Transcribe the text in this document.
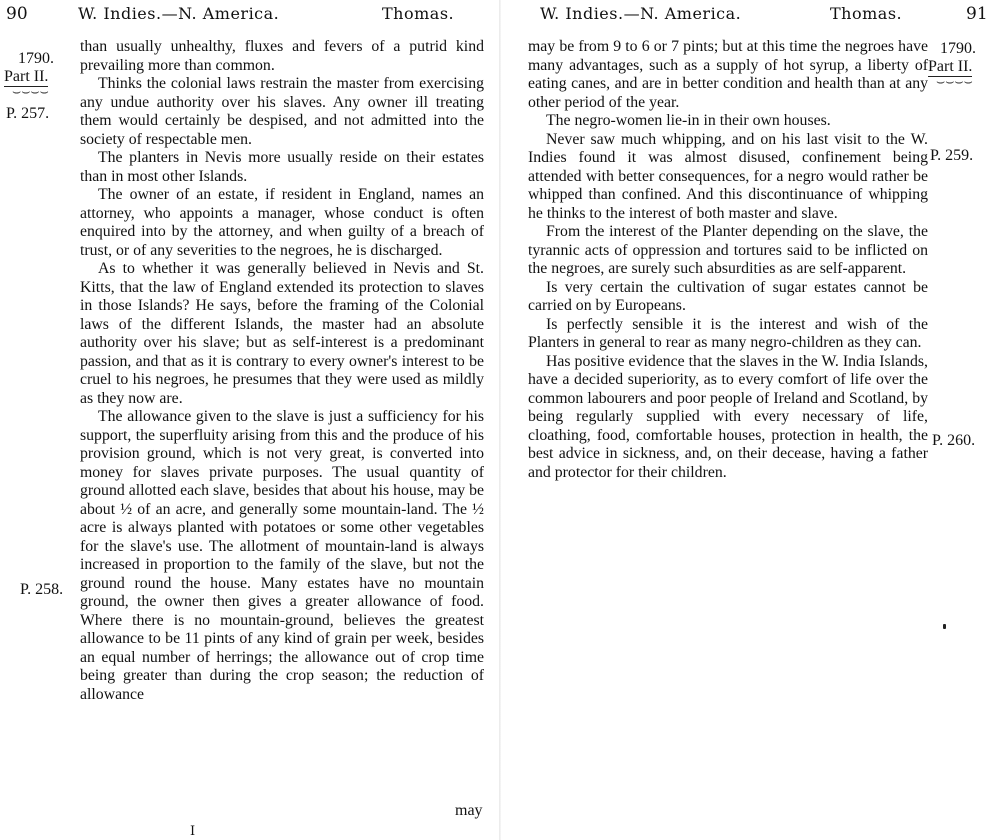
90	W. Indies.—N. America.	Thomas.
1790.
Part II.
⌣⌣⌣⌣
P. 257.
P. 258.

than usually unhealthy, fluxes and fevers of a putrid kind prevailing more than common.

Thinks the colonial laws restrain the master from exercising any undue authority over his slaves. Any owner ill treating them would certainly be despised, and not admitted into the society of respectable men.

The planters in Nevis more usually reside on their estates than in most other Islands.

The owner of an estate, if resident in England, names an attorney, who appoints a manager, whose conduct is often enquired into by the attorney, and when guilty of a breach of trust, or of any severities to the negroes, he is discharged.

As to whether it was generally believed in Nevis and St. Kitts, that the law of England extended its protection to slaves in those Islands? He says, before the framing of the Colonial laws of the different Islands, the master had an absolute authority over his slave; but as self-interest is a predominant passion, and that as it is contrary to every owner's interest to be cruel to his negroes, he presumes that they were used as mildly as they now are.

The allowance given to the slave is just a sufficiency for his support, the superfluity arising from this and the produce of his provision ground, which is not very great, is converted into money for slaves private purposes. The usual quantity of ground allotted each slave, besides that about his house, may be about ½ of an acre, and generally some mountain-land. The ½ acre is always planted with potatoes or some other vegetables for the slave's use. The allotment of mountain-land is always increased in proportion to the family of the slave, but not the ground round the house. Many estates have no mountain ground, the owner then gives a greater allowance of food. Where there is no mountain-ground, believes the greatest allowance to be 11 pints of any kind of grain per week, besides an equal number of herrings; the allowance out of crop time being greater than during the crop season; the reduction of allowance

may
I
W. Indies.—N. America.	Thomas.	91
1790.
Part II.
⌣⌣⌣⌣
P. 259.
P. 260.

may be from 9 to 6 or 7 pints; but at this time the negroes have many advantages, such as a supply of hot syrup, a liberty of eating canes, and are in better condition and health than at any other period of the year.

The negro-women lie-in in their own houses.

Never saw much whipping, and on his last visit to the W. Indies found it was almost disused, confinement being attended with better consequences, for a negro would rather be whipped than confined. And this discontinuance of whipping he thinks to the interest of both master and slave.

From the interest of the Planter depending on the slave, the tyrannic acts of oppression and tortures said to be inflicted on the negroes, are surely such absurdities as are self-apparent.

Is very certain the cultivation of sugar estates cannot be carried on by Europeans.

Is perfectly sensible it is the interest and wish of the Planters in general to rear as many negro-children as they can.

Has positive evidence that the slaves in the W. India Islands, have a decided superiority, as to every comfort of life over the common labourers and poor people of Ireland and Scotland, by being regularly supplied with every necessary of life, cloathing, food, comfortable houses, protection in health, the best advice in sickness, and, on their decease, having a father and protector for their children.
